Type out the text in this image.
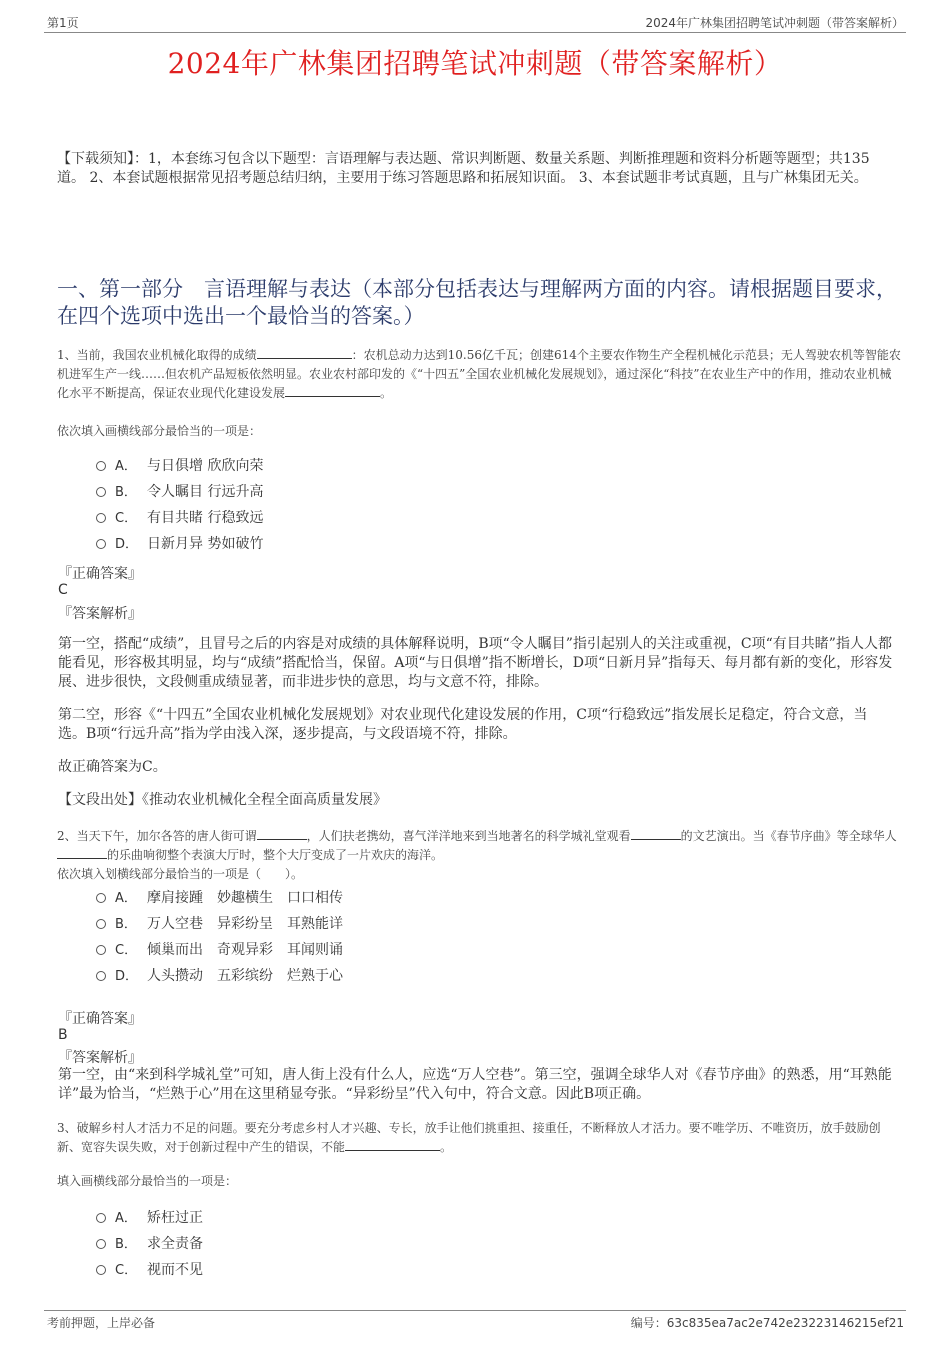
第1页	2024年广林集团招聘笔试冲刺题（带答案解析）
2024年广林集团招聘笔试冲刺题（带答案解析）
【下载须知】：1，本套练习包含以下题型：言语理解与表达题、常识判断题、数量关系题、判断推理题和资料分析题等题型；共135道。 2、本套试题根据常见招考题总结归纳，主要用于练习答题思路和拓展知识面。 3、本套试题非考试真题，且与广林集团无关。
一、第一部分　言语理解与表达（本部分包括表达与理解两方面的内容。请根据题目要求，在四个选项中选出一个最恰当的答案。）
1、当前，我国农业机械化取得的成绩	：农机总动力达到10.56亿千瓦；创建614个主要农作物生产全程机械化示范县；无人驾驶农机等智能农机进军生产一线……但农机产品短板依然明显。农业农村部印发的《“十四五”全国农业机械化发展规划》，通过深化“科技”在农业生产中的作用，推动农业机械化水平不断提高，保证农业现代化建设发展	。
依次填入画横线部分最恰当的一项是：
A． 与日俱增 欣欣向荣
B． 令人瞩目 行远升高
C． 有目共睹 行稳致远
D． 日新月异 势如破竹
『正确答案』
C
『答案解析』
第一空，搭配“成绩”，且冒号之后的内容是对成绩的具体解释说明，B项“令人瞩目”指引起别人的关注或重视，C项“有目共睹”指人人都能看见，形容极其明显，均与“成绩”搭配恰当，保留。A项“与日俱增”指不断增长，D项“日新月异”指每天、每月都有新的变化，形容发展、进步很快，文段侧重成绩显著，而非进步快的意思，均与文意不符，排除。
第二空，形容《“十四五”全国农业机械化发展规划》对农业现代化建设发展的作用，C项“行稳致远”指发展长足稳定，符合文意，当选。B项“行远升高”指为学由浅入深，逐步提高，与文段语境不符，排除。
故正确答案为C。
【文段出处】《推动农业机械化全程全面高质量发展》
2、当天下午，加尔各答的唐人街可谓	，人们扶老携幼，喜气洋洋地来到当地著名的科学城礼堂观看	的文艺演出。当《春节序曲》等全球华人的乐曲响彻整个表演大厅时，整个大厅变成了一片欢庆的海洋。
依次填入划横线部分最恰当的一项是（　　）。
A． 摩肩接踵　妙趣横生　口口相传
B． 万人空巷　异彩纷呈　耳熟能详
C． 倾巢而出　奇观异彩　耳闻则诵
D． 人头攒动　五彩缤纷　烂熟于心
『正确答案』
B
『答案解析』
第一空，由“来到科学城礼堂”可知，唐人街上没有什么人，应选“万人空巷”。第三空，强调全球华人对《春节序曲》的熟悉，用“耳熟能详”最为恰当，“烂熟于心”用在这里稍显夸张。“异彩纷呈”代入句中，符合文意。因此B项正确。
3、破解乡村人才活力不足的问题。要充分考虑乡村人才兴趣、专长，放手让他们挑重担、接重任，不断释放人才活力。要不唯学历、不唯资历，放手鼓励创新、宽容失误失败，对于创新过程中产生的错误，不能	。
填入画横线部分最恰当的一项是：
A． 矫枉过正
B． 求全责备
C． 视而不见
考前押题，上岸必备	编号：63c835ea7ac2e742e23223146215ef21
